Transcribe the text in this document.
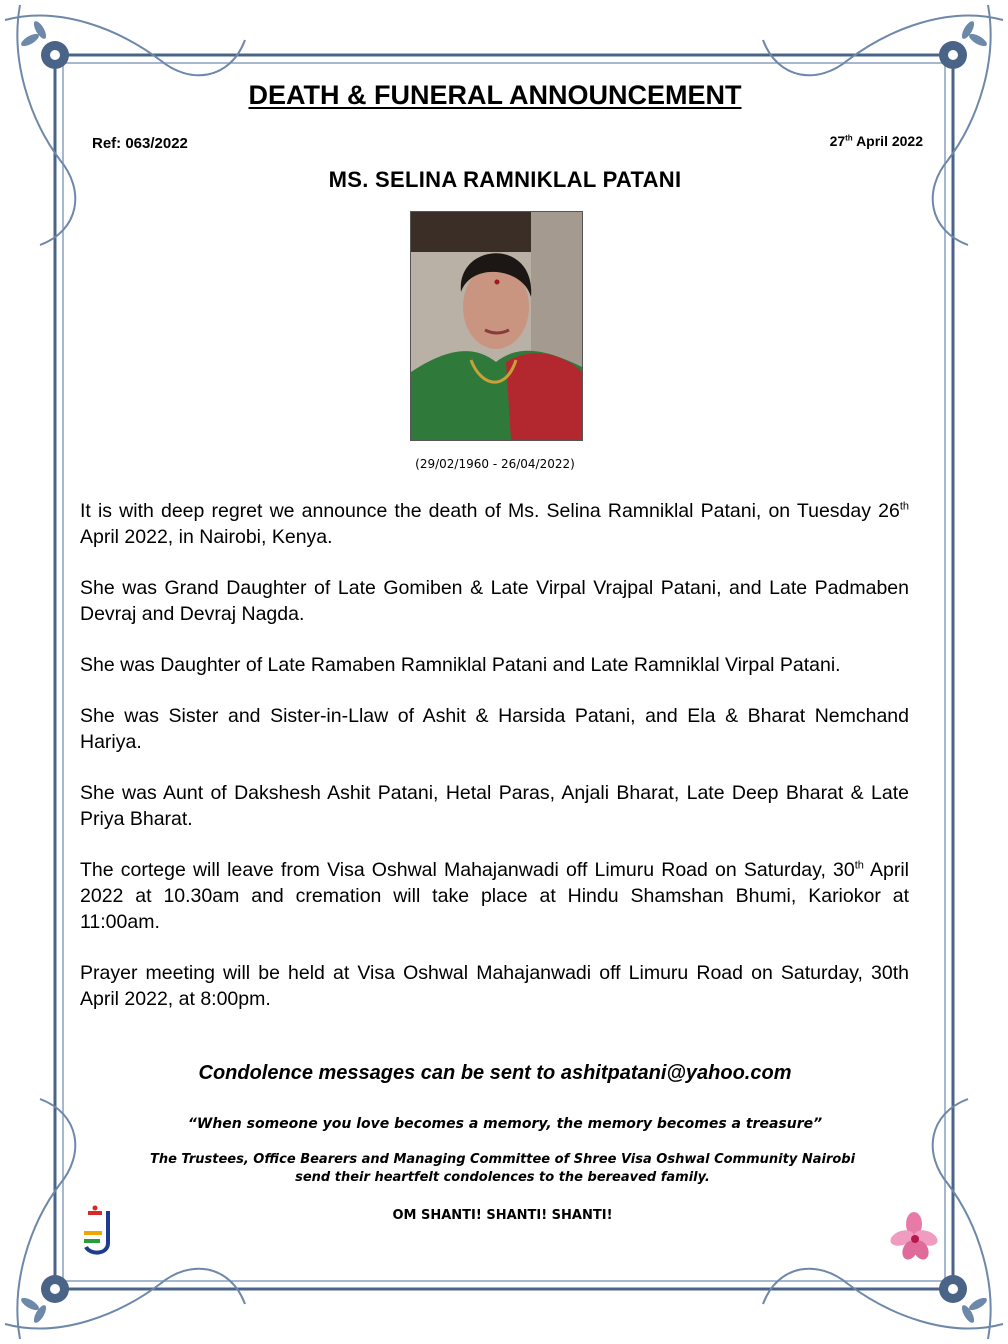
DEATH & FUNERAL ANNOUNCEMENT
Ref: 063/2022	27th April 2022
MS. SELINA RAMNIKLAL PATANI
(29/02/1960 - 26/04/2022)

It is with deep regret we announce the death of Ms. Selina Ramniklal Patani, on Tuesday 26th April 2022, in Nairobi, Kenya.

She was Grand Daughter of Late Gomiben & Late Virpal Vrajpal Patani, and Late Padmaben Devraj and Devraj Nagda.

She was Daughter of Late Ramaben Ramniklal Patani and Late Ramniklal Virpal Patani.

She was Sister and Sister-in-Llaw of Ashit & Harsida Patani, and Ela & Bharat Nemchand Hariya.

She was Aunt of Dakshesh Ashit Patani, Hetal Paras, Anjali Bharat, Late Deep Bharat & Late Priya Bharat.

The cortege will leave from Visa Oshwal Mahajanwadi off Limuru Road on Saturday, 30th April 2022 at 10.30am and cremation will take place at Hindu Shamshan Bhumi, Kariokor at 11:00am.

Prayer meeting will be held at Visa Oshwal Mahajanwadi off Limuru Road on Saturday, 30th April 2022, at 8:00pm.

Condolence messages can be sent to ashitpatani@yahoo.com
“When someone you love becomes a memory, the memory becomes a treasure”
The Trustees, Office Bearers and Managing Committee of Shree Visa Oshwal Community Nairobi
send their heartfelt condolences to the bereaved family.
OM SHANTI! SHANTI! SHANTI!
